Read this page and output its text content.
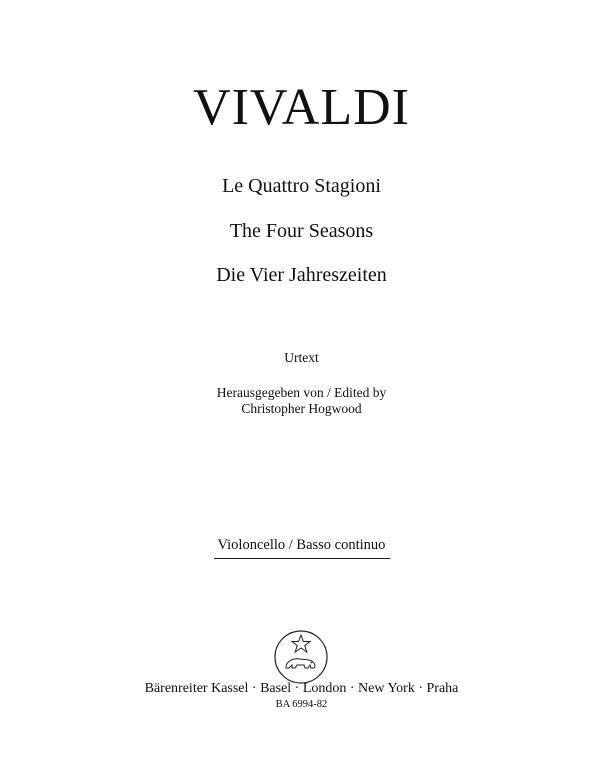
VIVALDI
Le Quattro Stagioni
The Four Seasons
Die Vier Jahreszeiten
Urtext
Herausgegeben von / Edited by
Christopher Hogwood
Violoncello / Basso continuo
Bärenreiter Kassel · Basel · London · New York · Praha
BA 6994-82
